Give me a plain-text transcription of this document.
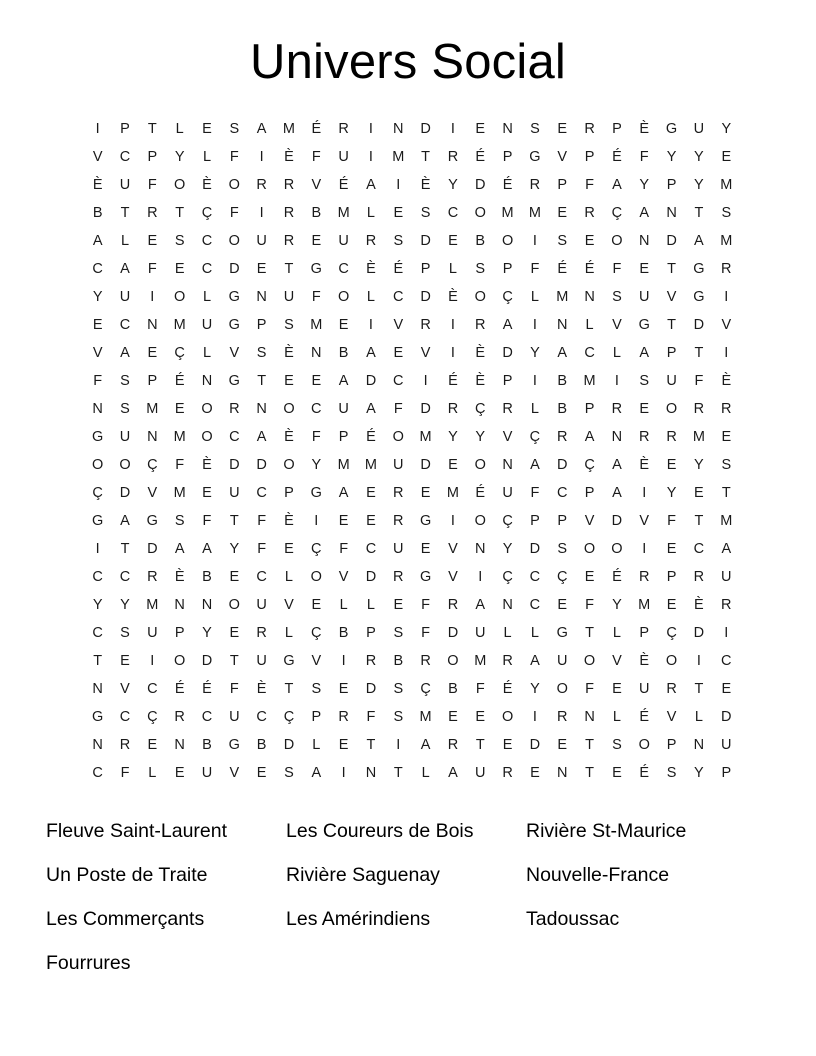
Univers Social
I	P	T	L	E	S	A	M	É	R	I	N	D	I	E	N	S	E	R	P	È	G	U	Y
V	C	P	Y	L	F	I	È	F	U	I	M	T	R	É	P	G	V	P	É	F	Y	Y	E
È	U	F	O	È	O	R	R	V	É	A	I	È	Y	D	É	R	P	F	A	Y	P	Y	M
B	T	R	T	Ç	F	I	R	B	M	L	E	S	C	O	M	M	E	R	Ç	A	N	T	S
A	L	E	S	C	O	U	R	E	U	R	S	D	E	B	O	I	S	E	O	N	D	A	M
C	A	F	E	C	D	E	T	G	C	È	É	P	L	S	P	F	É	É	F	E	T	G	R
Y	U	I	O	L	G	N	U	F	O	L	C	D	È	O	Ç	L	M	N	S	U	V	G	I
E	C	N	M	U	G	P	S	M	E	I	V	R	I	R	A	I	N	L	V	G	T	D	V
V	A	E	Ç	L	V	S	È	N	B	A	E	V	I	È	D	Y	A	C	L	A	P	T	I
F	S	P	É	N	G	T	E	E	A	D	C	I	É	È	P	I	B	M	I	S	U	F	È
N	S	M	E	O	R	N	O	C	U	A	F	D	R	Ç	R	L	B	P	R	E	O	R	R
G	U	N	M	O	C	A	È	F	P	É	O	M	Y	Y	V	Ç	R	A	N	R	R	M	E
O	O	Ç	F	È	D	D	O	Y	M	M	U	D	E	O	N	A	D	Ç	A	È	E	Y	S
Ç	D	V	M	E	U	C	P	G	A	E	R	E	M	É	U	F	C	P	A	I	Y	E	T
G	A	G	S	F	T	F	È	I	E	E	R	G	I	O	Ç	P	P	V	D	V	F	T	M
I	T	D	A	A	Y	F	E	Ç	F	C	U	E	V	N	Y	D	S	O	O	I	E	C	A
C	C	R	È	B	E	C	L	O	V	D	R	G	V	I	Ç	C	Ç	E	É	R	P	R	U
Y	Y	M	N	N	O	U	V	E	L	L	E	F	R	A	N	C	E	F	Y	M	E	È	R
C	S	U	P	Y	E	R	L	Ç	B	P	S	F	D	U	L	L	G	T	L	P	Ç	D	I
T	E	I	O	D	T	U	G	V	I	R	B	R	O	M	R	A	U	O	V	È	O	I	C
N	V	C	É	É	F	È	T	S	E	D	S	Ç	B	F	É	Y	O	F	E	U	R	T	E
G	C	Ç	R	C	U	C	Ç	P	R	F	S	M	E	E	O	I	R	N	L	É	V	L	D
N	R	E	N	B	G	B	D	L	E	T	I	A	R	T	E	D	E	T	S	O	P	N	U
C	F	L	E	U	V	E	S	A	I	N	T	L	A	U	R	E	N	T	E	É	S	Y	P
Fleuve Saint-Laurent	Les Coureurs de Bois	Rivière St-Maurice
Un Poste de Traite	Rivière Saguenay	Nouvelle-France
Les Commerçants	Les Amérindiens	Tadoussac
Fourrures		
